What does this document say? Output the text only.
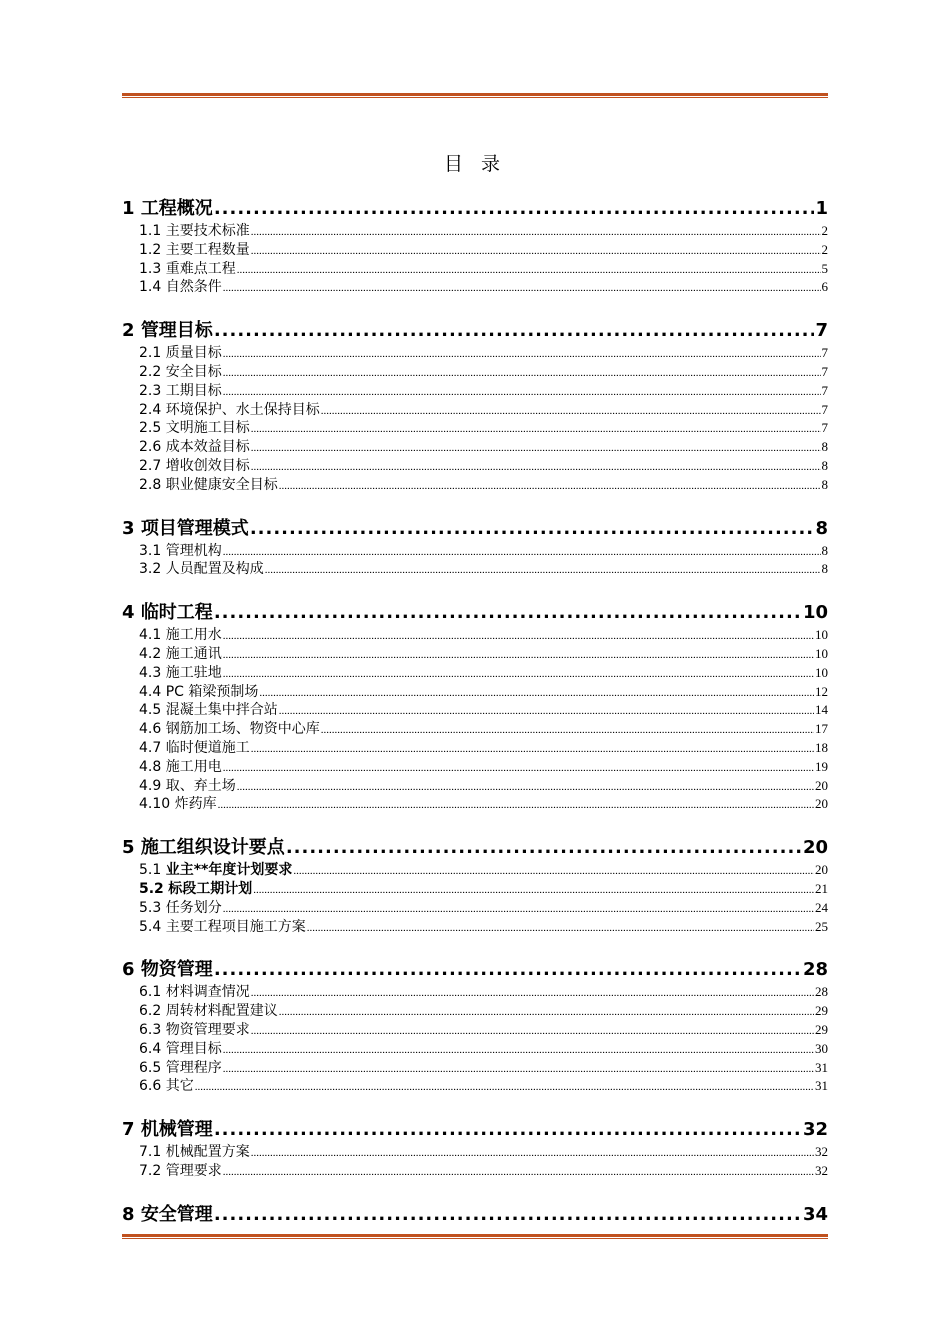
目 录
1 工程概况 .....	1
1.1 主要技术标准 .....	2
1.2 主要工程数量 .....	2
1.3 重难点工程 .....	5
1.4 自然条件 .....	6
2 管理目标 .....	7
2.1 质量目标 .....	7
2.2 安全目标 .....	7
2.3 工期目标 .....	7
2.4 环境保护、水土保持目标 .....	7
2.5 文明施工目标 .....	7
2.6 成本效益目标 .....	8
2.7 增收创效目标 .....	8
2.8 职业健康安全目标 .....	8
3 项目管理模式 .....	8
3.1 管理机构 .....	8
3.2 人员配置及构成 .....	8
4 临时工程 .....	10
4.1 施工用水 .....	10
4.2 施工通讯 .....	10
4.3 施工驻地 .....	10
4.4 PC 箱梁预制场 .....	12
4.5 混凝土集中拌合站 .....	14
4.6 钢筋加工场、物资中心库 .....	17
4.7 临时便道施工 .....	18
4.8 施工用电 .....	19
4.9 取、弃土场 .....	20
4.10 炸药库 .....	20
5 施工组织设计要点 .....	20
5.1 业主**年度计划要求 .....	20
5.2 标段工期计划 .....	21
5.3 任务划分 .....	24
5.4 主要工程项目施工方案 .....	25
6 物资管理 .....	28
6.1 材料调查情况 .....	28
6.2 周转材料配置建议 .....	29
6.3 物资管理要求 .....	29
6.4 管理目标 .....	30
6.5 管理程序 .....	31
6.6 其它 .....	31
7 机械管理 .....	32
7.1 机械配置方案 .....	32
7.2 管理要求 .....	32
8 安全管理 .....	34
